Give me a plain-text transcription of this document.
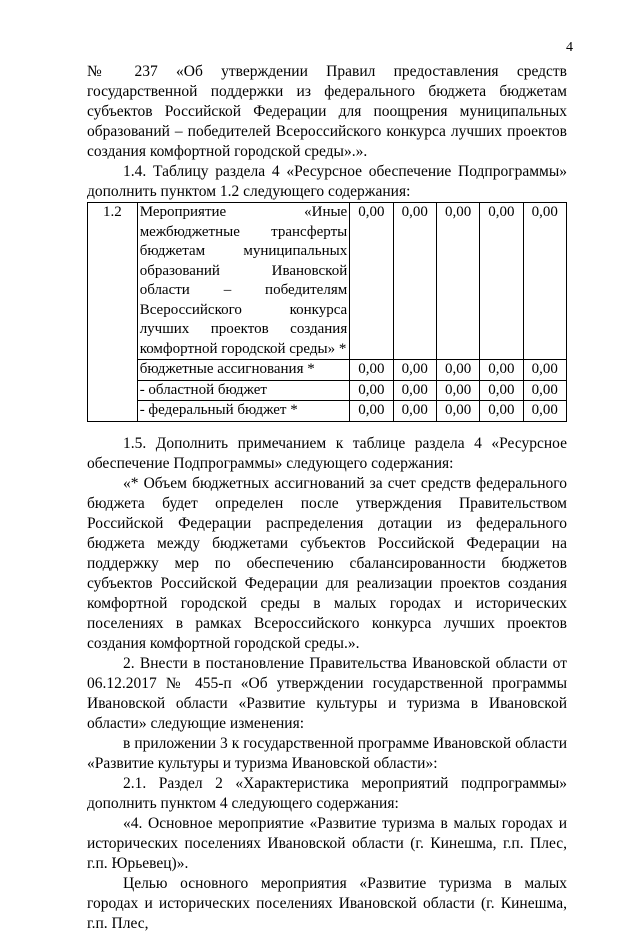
4

№ 237 «Об утверждении Правил предоставления средств государственной поддержки из федерального бюджета бюджетам субъектов Российской Федерации для поощрения муниципальных образований – победителей Всероссийского конкурса лучших проектов создания комфортной городской среды».».

1.4. Таблицу раздела 4 «Ресурсное обеспечение Подпрограммы» дополнить пунктом 1.2 следующего содержания:

1.2	Мероприятие «Иные межбюджетные трансферты бюджетам муниципальных образований Ивановской области – победителям Всероссийского конкурса лучших проектов создания комфортной городской среды» *	0,00	0,00	0,00	0,00	0,00
	бюджетные ассигнования *	0,00	0,00	0,00	0,00	0,00
	- областной бюджет	0,00	0,00	0,00	0,00	0,00
	- федеральный бюджет *	0,00	0,00	0,00	0,00	0,00

1.5. Дополнить примечанием к таблице раздела 4 «Ресурсное обеспечение Подпрограммы» следующего содержания:

«* Объем бюджетных ассигнований за счет средств федерального бюджета будет определен после утверждения Правительством Российской Федерации распределения дотации из федерального бюджета между бюджетами субъектов Российской Федерации на поддержку мер по обеспечению сбалансированности бюджетов субъектов Российской Федерации для реализации проектов создания комфортной городской среды в малых городах и исторических поселениях в рамках Всероссийского конкурса лучших проектов создания комфортной городской среды.».

2. Внести в постановление Правительства Ивановской области от 06.12.2017 № 455-п «Об утверждении государственной программы Ивановской области «Развитие культуры и туризма в Ивановской области» следующие изменения:

в приложении 3 к государственной программе Ивановской области «Развитие культуры и туризма Ивановской области»:

2.1. Раздел 2 «Характеристика мероприятий подпрограммы» дополнить пунктом 4 следующего содержания:

«4. Основное мероприятие «Развитие туризма в малых городах и исторических поселениях Ивановской области (г. Кинешма, г.п. Плес, г.п. Юрьевец)».

Целью основного мероприятия «Развитие туризма в малых городах и исторических поселениях Ивановской области (г. Кинешма, г.п. Плес,
